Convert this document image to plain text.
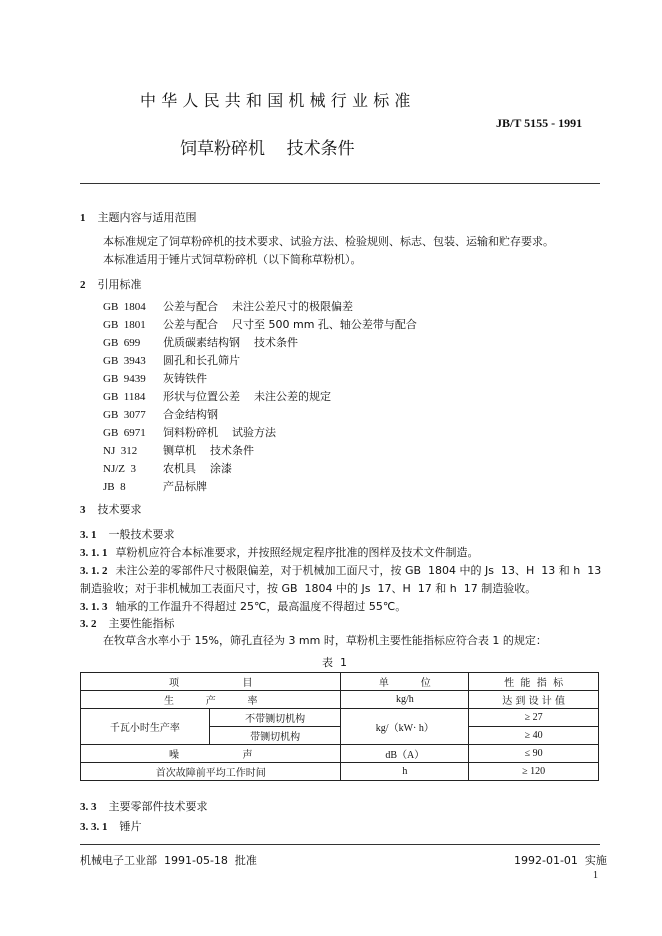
中华人民共和国机械行业标准
JB/T 5155 - 1991
饲草粉碎机    技术条件
1 主题内容与适用范围
本标准规定了饲草粉碎机的技术要求、试验方法、检验规则、标志、包装、运输和贮存要求。
本标准适用于锤片式饲草粉碎机（以下简称草粉机）。
2 引用标准
GB  1804 公差与配合    未注公差尺寸的极限偏差
GB  1801 公差与配合    尺寸至 500 mm 孔、轴公差带与配合
GB  699 优质碳素结构钢    技术条件
GB  3943 圆孔和长孔筛片
GB  9439 灰铸铁件
GB  1184 形状与位置公差    未注公差的规定
GB  3077 合金结构钢
GB  6971 饲料粉碎机    试验方法
NJ  312 铡草机    技术条件
NJ/Z  3 农机具    涂漆
JB  8	产品标牌
3 技术要求
3. 1 一般技术要求
3. 1. 1 草粉机应符合本标准要求，并按照经规定程序批准的图样及技术文件制造。
3. 1. 2 未注公差的零部件尺寸极限偏差，对于机械加工面尺寸，按 GB  1804 中的 Js  13、H  13 和 h  13
制造验收；对于非机械加工表面尺寸，按 GB  1804 中的 Js  17、H  17 和 h  17 制造验收。
3. 1. 3 轴承的工作温升不得超过 25℃，最高温度不得超过 55℃。
3. 2 主要性能指标
在牧草含水率小于 15%，筛孔直径为 3 mm 时，草粉机主要性能指标应符合表 1 的规定：
表  1
项                    目		单          位	性  能  指  标
生          产          率		kg/h	达 到 设 计 值
千瓦小时生产率	不带铡切机构	kg/（kW· h）	≥ 27
	带铡切机构		≥ 40
噪                    声		dB（A）	≤ 90
首次故障前平均工作时间		h	≥ 120
3. 3 主要零部件技术要求
3. 3. 1 锤片
机械电子工业部  1991-05-18  批准	1992-01-01  实施
1
